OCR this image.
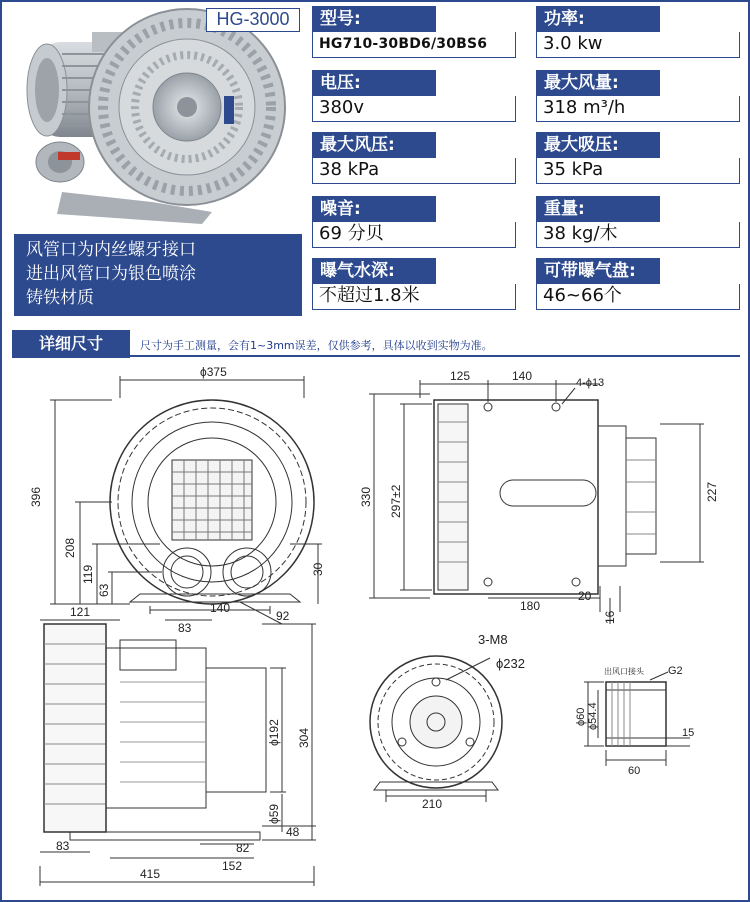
HG-3000
风管口为内丝螺牙接口
进出风管口为银色喷涂
铸铁材质
型号:
HG710-30BD6/30BS6
功率:
3.0 kw
电压:
380v
最大风量:
318 m³/h
最大风压:
38 kPa
最大吸压:
35 kPa
噪音:
69 分贝
重量:
38 kg/木
曝气水深:
不超过1.8米
可带曝气盘:
46~66个
详细尺寸	尺寸为手工测量，会有1~3mm误差，仅供参考，具体以收到实物为准。
ϕ375
396
208
119
63
30
140
83
92
121
125	140	4-ϕ13
330 297±2	227
180
20
16
ϕ192 304
ϕ59
48
83	82
152
415
3-M8
ϕ232
210
出风口接头 G2
ϕ60 ϕ54.4
15
60
